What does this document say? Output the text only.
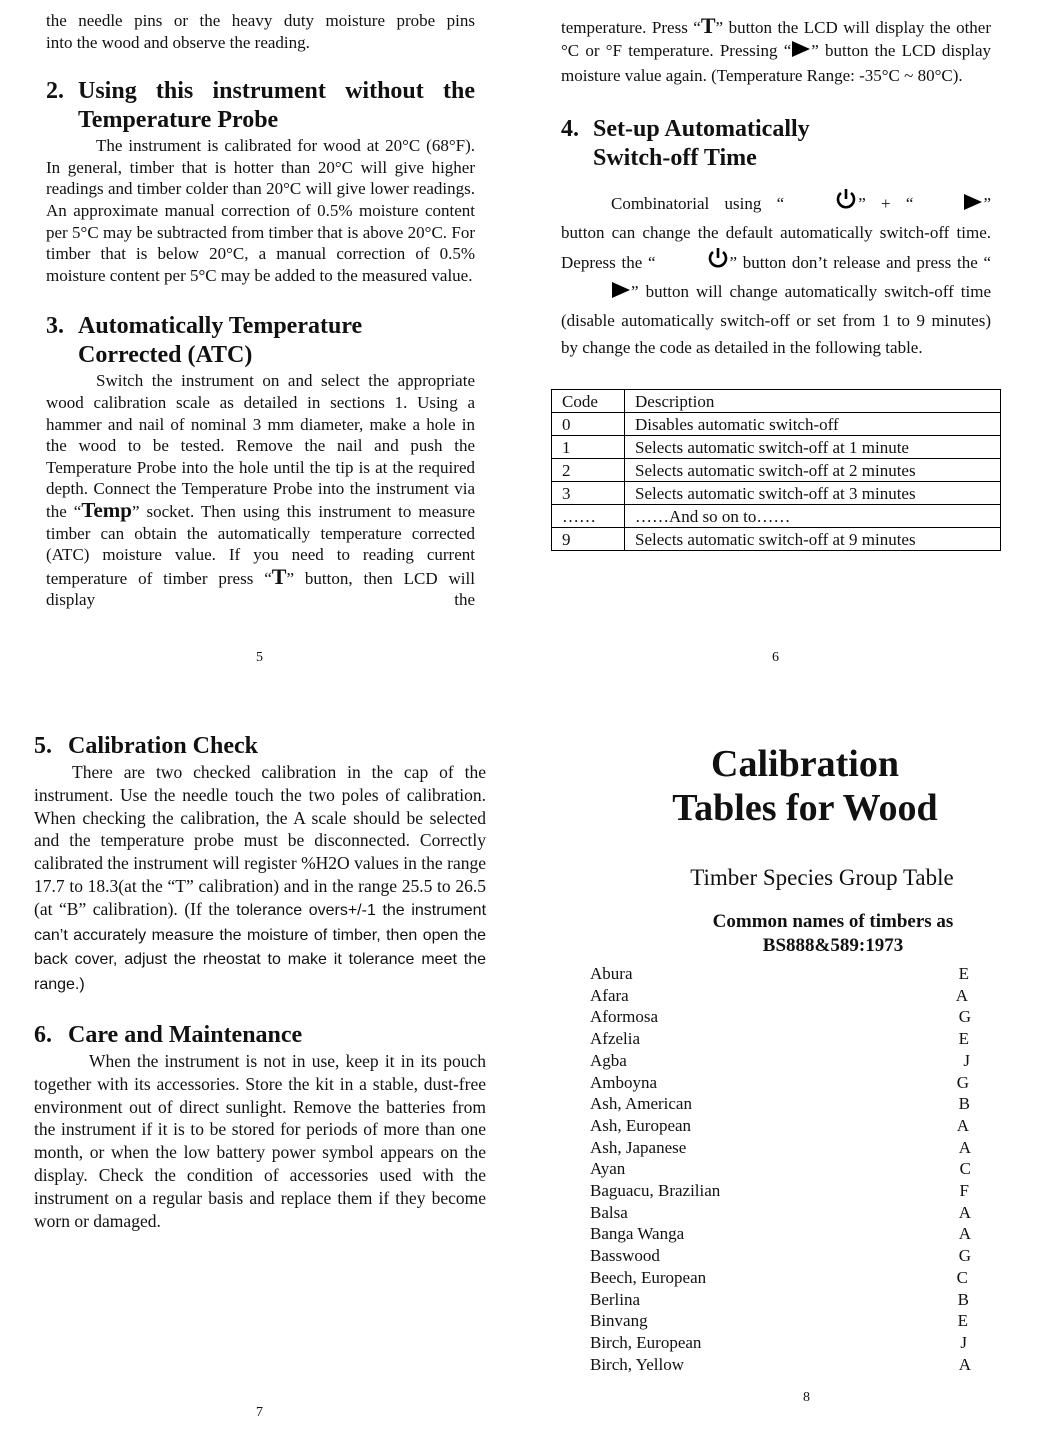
the needle pins or the heavy duty moisture probe pins

into the wood and observe the reading.

2. Using this instrument without the
Temperature Probe

The instrument is calibrated for wood at 20°C (68°F). In general, timber that is hotter than 20°C will give higher readings and timber colder than 20°C will give lower readings. An approximate manual correction of 0.5% moisture content per 5°C may be subtracted from timber that is above 20°C. For timber that is below 20°C, a manual correction of 0.5% moisture content per 5°C may be added to the measured value.

3. Automatically Temperature
Corrected (ATC)

Switch the instrument on and select the appropriate wood calibration scale as detailed in sections 1. Using a hammer and nail of nominal 3 mm diameter, make a hole in the wood to be tested. Remove the nail and push the Temperature Probe into the hole until the tip is at the required depth. Connect the Temperature Probe into the instrument via the “Temp” socket. Then using this instrument to measure timber can obtain the automatically temperature corrected (ATC) moisture value. If you need to reading current temperature of timber press “T” button, then LCD will display the

5

temperature. Press “T” button the LCD will display the other °C or °F temperature. Pressing “ ” button the LCD display moisture value again. (Temperature Range: -35°C ~ 80°C).

4. Set-up Automatically
Switch-off Time

Combinatorial using “	” + “	” button can change the default automatically switch-off time. Depress the “	” button don’t release and press the “” button will change automatically switch-off time (disable automatically switch-off or set from 1 to 9 minutes) by change the code as detailed in the following table.

Code	Description
0	Disables automatic switch-off
1	Selects automatic switch-off at 1 minute
2	Selects automatic switch-off at 2 minutes
3	Selects automatic switch-off at 3 minutes
……	……And so on to……
9	Selects automatic switch-off at 9 minutes
6
5. Calibration Check

There are two checked calibration in the cap of the instrument. Use the needle touch the two poles of calibration. When checking the calibration, the A scale should be selected and the temperature probe must be disconnected. Correctly calibrated the instrument will register %H2O values in the range 17.7 to 18.3(at the “T” calibration) and in the range 25.5 to 26.5 (at “B” calibration). (If the tolerance overs+/-1 the instrument can’t accurately measure the moisture of timber, then open the back cover, adjust the rheostat to make it tolerance meet the range.)

6. Care and Maintenance

When the instrument is not in use, keep it in its pouch together with its accessories. Store the kit in a stable, dust-free environment out of direct sunlight. Remove the batteries from the instrument if it is to be stored for periods of more than one month, or when the low battery power symbol appears on the display. Check the condition of accessories used with the instrument on a regular basis and replace them if they become worn or damaged.

7
Calibration
Tables for Wood
Timber Species Group Table
Common names of timbers as
BS888&589:1973
Abura	E
Afara	A
Aformosa	G
Afzelia	E
Agba	J
Amboyna	G
Ash, American	B
Ash, European	A
Ash, Japanese	A
Ayan	C
Baguacu, Brazilian	F
Balsa	A
Banga Wanga	A
Basswood	G
Beech, European	C
Berlina	B
Binvang	E
Birch, European	J
Birch, Yellow	A
8
